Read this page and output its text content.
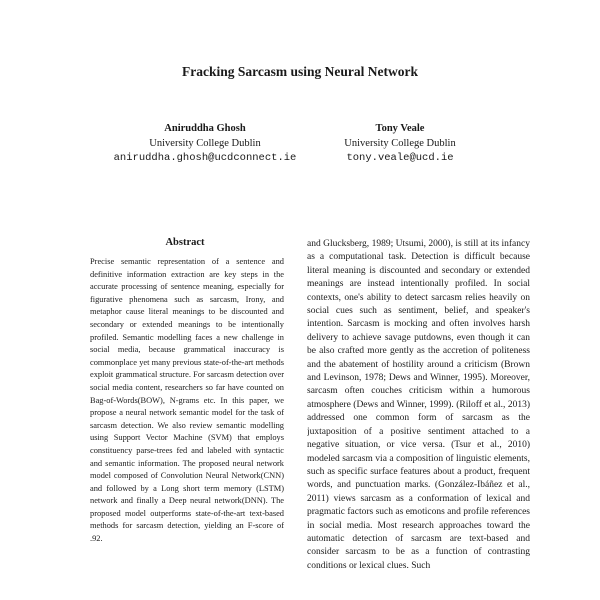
Fracking Sarcasm using Neural Network
Aniruddha Ghosh
University College Dublin
aniruddha.ghosh@ucdconnect.ie
Tony Veale
University College Dublin
tony.veale@ucd.ie
Abstract

Precise semantic representation of a sentence and definitive information extraction are key steps in the accurate processing of sentence meaning, especially for figurative phenomena such as sarcasm, Irony, and metaphor cause literal meanings to be discounted and secondary or extended meanings to be intentionally profiled. Semantic modelling faces a new challenge in social media, because grammatical inaccuracy is commonplace yet many previous state-of-the-art methods exploit grammatical structure. For sarcasm detection over social media content, researchers so far have counted on Bag-of-Words(BOW), N-grams etc. In this paper, we propose a neural network semantic model for the task of sarcasm detection. We also review semantic modelling using Support Vector Machine (SVM) that employs constituency parse-trees fed and labeled with syntactic and semantic information. The proposed neural network model composed of Convolution Neural Network(CNN) and followed by a Long short term memory (LSTM) network and finally a Deep neural network(DNN). The proposed model outperforms state-of-the-art text-based methods for sarcasm detection, yielding an F-score of .92.

and Glucksberg, 1989; Utsumi, 2000), is still at its infancy as a computational task. Detection is difficult because literal meaning is discounted and secondary or extended meanings are instead intentionally profiled. In social contexts, one's ability to detect sarcasm relies heavily on social cues such as sentiment, belief, and speaker's intention. Sarcasm is mocking and often involves harsh delivery to achieve savage putdowns, even though it can be also crafted more gently as the accretion of politeness and the abatement of hostility around a criticism (Brown and Levinson, 1978; Dews and Winner, 1995). Moreover, sarcasm often couches criticism within a humorous atmosphere (Dews and Winner, 1999). (Riloff et al., 2013) addressed one common form of sarcasm as the juxtaposition of a positive sentiment attached to a negative situation, or vice versa. (Tsur et al., 2010) modeled sarcasm via a composition of linguistic elements, such as specific surface features about a product, frequent words, and punctuation marks. (González-Ibáñez et al., 2011) views sarcasm as a conformation of lexical and pragmatic factors such as emoticons and profile references in social media. Most research approaches toward the automatic detection of sarcasm are text-based and consider sarcasm to be as a function of contrasting conditions or lexical clues. Such
